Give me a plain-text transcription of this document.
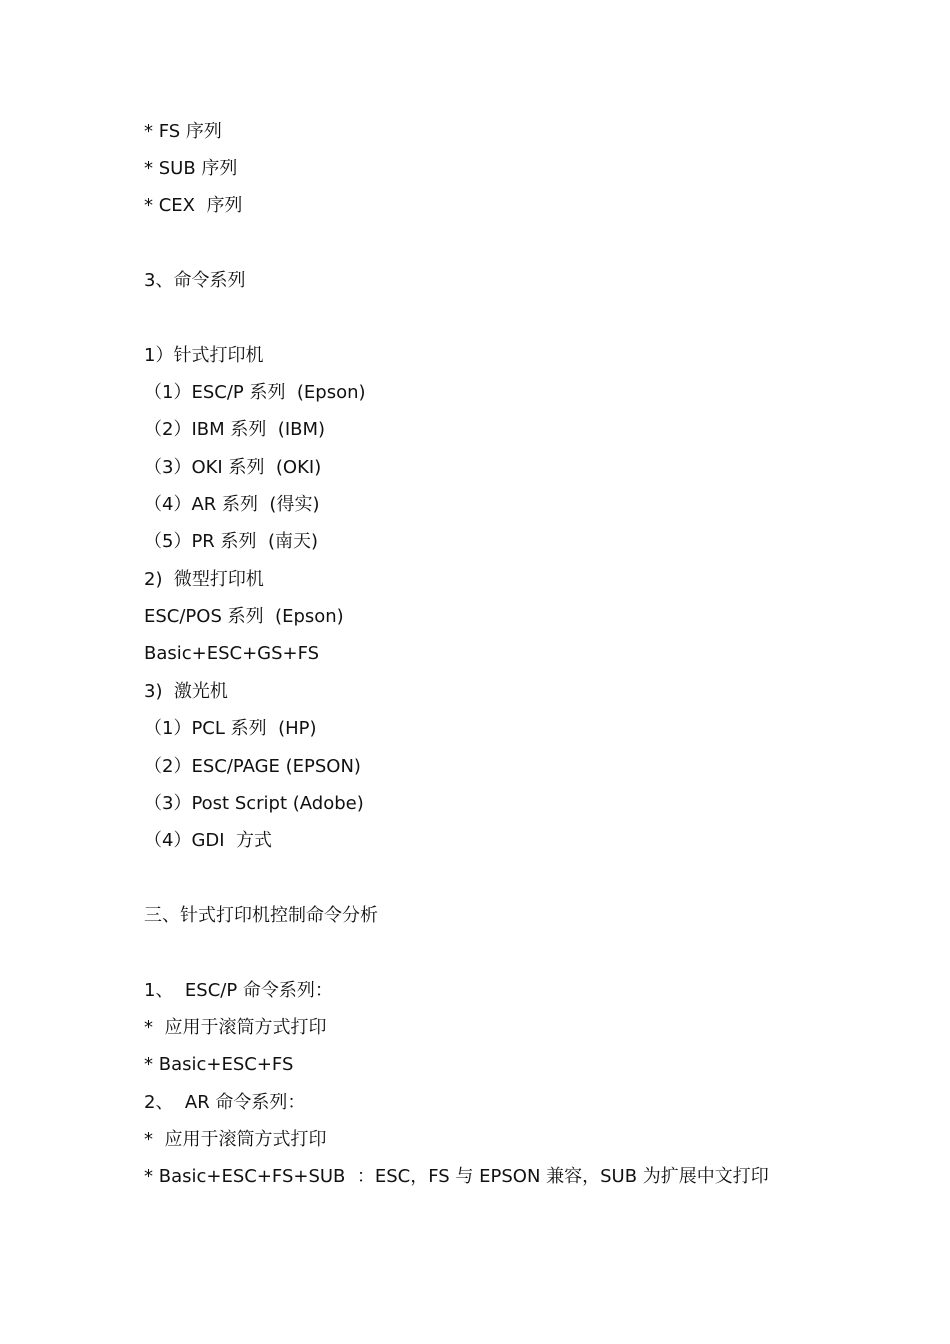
* FS 序列
* SUB 序列
* CEX  序列
3、命令系列
1）针式打印机
（1）ESC/P 系列  (Epson)
（2）IBM 系列  (IBM)
（3）OKI 系列  (OKI)
（4）AR 系列  (得实)
（5）PR 系列  (南天)
2)  微型打印机
ESC/POS 系列  (Epson)
Basic+ESC+GS+FS
3)  激光机
（1）PCL 系列  (HP)
（2）ESC/PAGE (EPSON)
（3）Post Script (Adobe)
（4）GDI  方式
三、针式打印机控制命令分析
1、  ESC/P 命令系列：
*  应用于滚筒方式打印
* Basic+ESC+FS
2、  AR 命令系列：
*  应用于滚筒方式打印
* Basic+ESC+FS+SUB  ：ESC，FS 与 EPSON 兼容，SUB 为扩展中文打印
